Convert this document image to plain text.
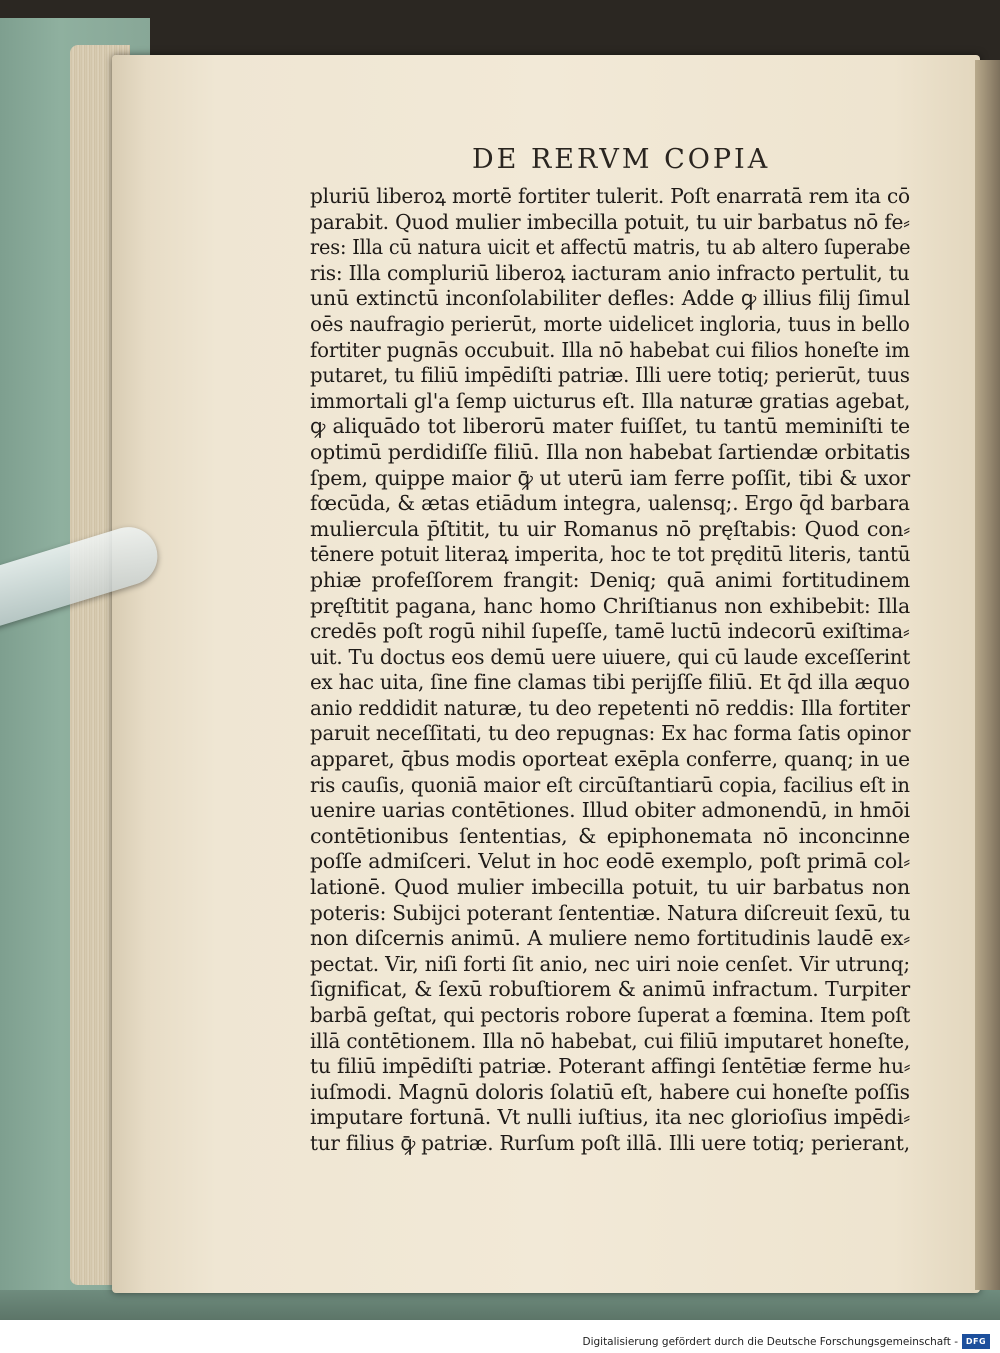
DE RERVM COPIA
pluriū liberoꝝ mortē fortiter tulerit. Poſt enarratā rem ita cō
parabit. Quod mulier imbecilla potuit, tu uir barbatus nō fe⸗
res: Illa cū natura uicit et affectū matris, tu ab altero ſuperabe
ris: Illa compluriū liberoꝝ iacturam anio infracto pertulit, tu
unū extinctū inconſolabiliter defles: Adde ꝙ illius filij ſimul
oēs naufragio perierūt, morte uidelicet ingloria, tuus in bello
fortiter pugnās occubuit. Illa nō habebat cui filios honeſte im
putaret, tu filiū impēdiſti patriæ. Illi uere totiq; perierūt, tuus
immortali gl'a ſemp uicturus eſt. Illa naturæ gratias agebat,
ꝙ aliquādo tot liberorū mater fuiſſet, tu tantū meminiſti te
optimū perdidiſſe filiū. Illa non habebat ſartiendæ orbitatis
ſpem, quippe maior ꝙ̄ ut uterū iam ferre poſſit, tibi & uxor
fœcūda, & ætas etiādum integra, ualensq;. Ergo q̄d barbara
muliercula p̄ſtitit, tu uir Romanus nō pręſtabis: Quod con⸗
tēnere potuit literaꝝ imperita, hoc te tot pręditū literis, tantū
phiæ profeſſorem frangit: Deniq; quā animi fortitudinem
pręſtitit pagana, hanc homo Chriſtianus non exhibebit: Illa
credēs poſt rogū nihil ſupeſſe, tamē luctū indecorū exiſtima⸗
uit. Tu doctus eos demū uere uiuere, qui cū laude exceſſerint
ex hac uita, ſine fine clamas tibi perijſſe filiū. Et q̄d illa æquo
anio reddidit naturæ, tu deo repetenti nō reddis: Illa fortiter
paruit neceſſitati, tu deo repugnas: Ex hac forma ſatis opinor
apparet, q̄bus modis oporteat exēpla conferre, quanq; in ue
ris cauſis, quoniā maior eſt circūſtantiarū copia, facilius eſt in
uenire uarias contētiones. Illud obiter admonendū, in hmōi
contētionibus ſententias, & epiphonemata nō inconcinne
poſſe admiſceri. Velut in hoc eodē exemplo, poſt primā col⸗
lationē. Quod mulier imbecilla potuit, tu uir barbatus non
poteris: Subijci poterant ſententiæ. Natura diſcreuit ſexū, tu
non diſcernis animū. A muliere nemo fortitudinis laudē ex⸗
pectat. Vir, niſi forti ſit anio, nec uiri noie cenſet. Vir utrunq;
ſignificat, & ſexū robuſtiorem & animū infractum. Turpiter
barbā geſtat, qui pectoris robore ſuperat a fœmina. Item poſt
illā contētionem. Illa nō habebat, cui filiū imputaret honeſte,
tu filiū impēdiſti patriæ. Poterant affingi ſentētiæ ferme hu⸗
iuſmodi. Magnū doloris ſolatiū eſt, habere cui honeſte poſſis
imputare fortunā. Vt nulli iuſtius, ita nec glorioſius impēdi⸗
tur filius ꝙ̄ patriæ. Rurſum poſt illā. Illi uere totiq; perierant,
Digitalisierung gefördert durch die Deutsche Forschungsgemeinschaft - DFG
